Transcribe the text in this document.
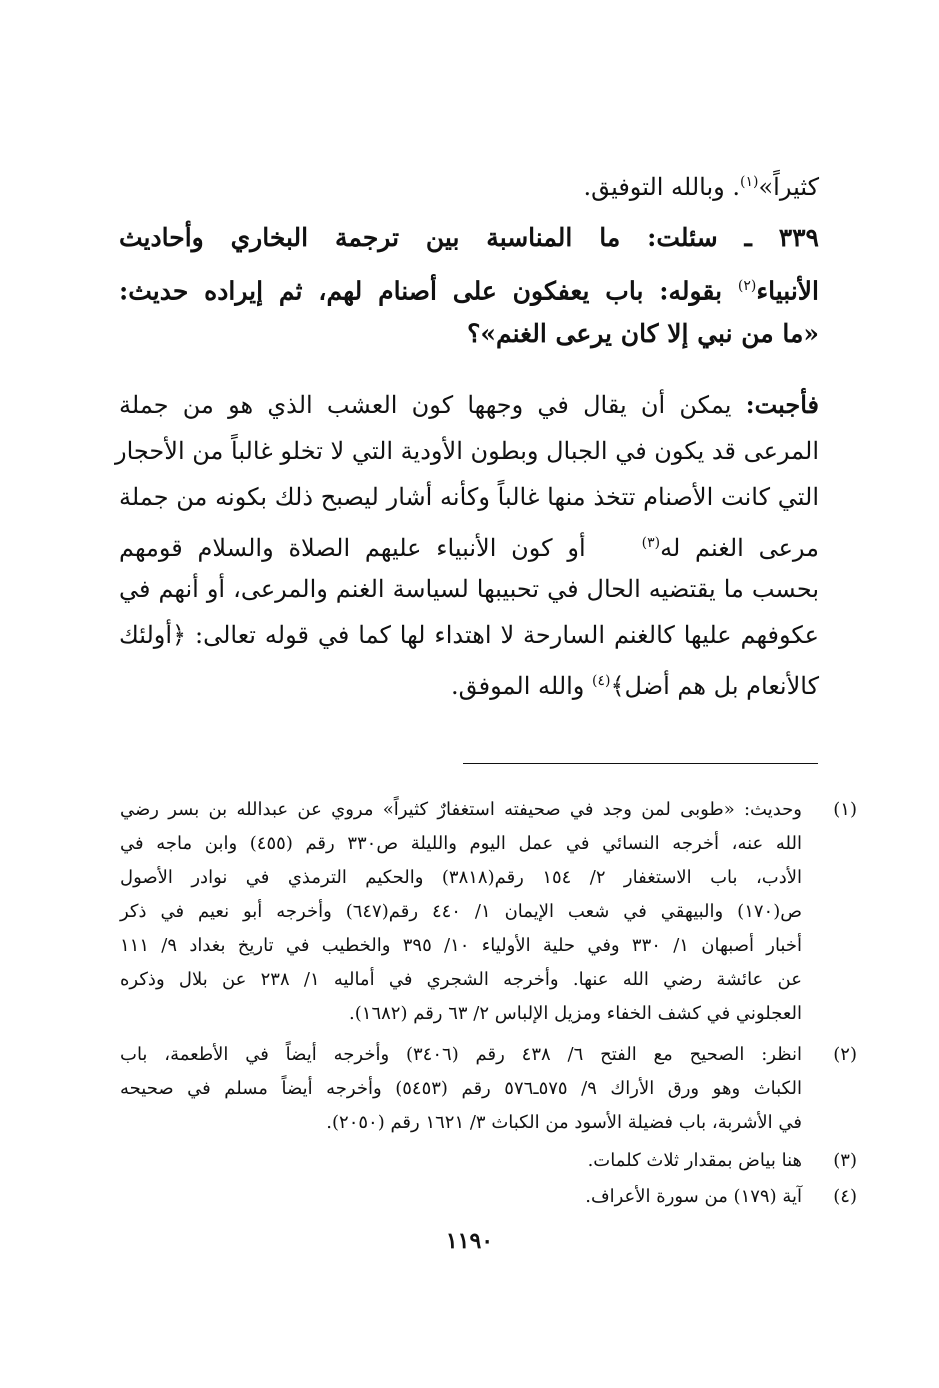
كثيراً»$^{(١)}$. وبالله التوفيق.
٣٣٩ ـ سئلت: ما المناسبة بين ترجمة البخاري وأحاديث
الأنبياء$^{(٢)}$ بقوله: باب يعفكون على أصنام لهم، ثم إيراده حديث:
«ما من نبي إلا كان يرعى الغنم»؟
فأجبت: يمكن أن يقال في وجهها كون العشب الذي هو من جملة
المرعى قد يكون في الجبال وبطون الأودية التي لا تخلو غالباً من الأحجار
التي كانت الأصنام تتخذ منها غالباً وكأنه أشار ليصبح ذلك بكونه من جملة
مرعى الغنم له$^{(٣)}$أو كون الأنبياء عليهم الصلاة والسلام قومهم
بحسب ما يقتضيه الحال في تحبيبها لسياسة الغنم والمرعى، أو أنهم في
عكوفهم عليها كالغنم السارحة لا اهتداء لها كما في قوله تعالى: ﴿أولئك
كالأنعام بل هم أضل﴾$^{(٤)}$ والله الموفق.
(١)
وحديث: «طوبى لمن وجد في صحيفته استغفارٌ كثيراً» مروي عن عبدالله بن بسر رضي
الله عنه، أخرجه النسائي في عمل اليوم والليلة ص٣٣٠ رقم (٤٥٥) وابن ماجه في
الأدب، باب الاستغفار ٢/ ١٥٤ رقم(٣٨١٨) والحكيم الترمذي في نوادر الأصول
ص(١٧٠) والبيهقي في شعب الإيمان ١/ ٤٤٠ رقم(٦٤٧) وأخرجه أبو نعيم في ذكر
أخبار أصبهان ١/ ٣٣٠ وفي حلية الأولياء ١٠/ ٣٩٥ والخطيب في تاريخ بغداد ٩/ ١١١
عن عائشة رضي الله عنها. وأخرجه الشجري في أماليه ١/ ٢٣٨ عن بلال وذكره
العجلوني في كشف الخفاء ومزيل الإلباس ٢/ ٦٣ رقم (١٦٨٢).
(٢)
انظر: الصحيح مع الفتح ٦/ ٤٣٨ رقم (٣٤٠٦) وأخرجه أيضاً في الأطعمة، باب
الكباث وهو ورق الأراك ٩/ ٥٧٥ـ٥٧٦ رقم (٥٤٥٣) وأخرجه أيضاً مسلم في صحيحه
في الأشربة، باب فضيلة الأسود من الكباث ٣/ ١٦٢١ رقم (٢٠٥٠).
(٣)
هنا بياض بمقدار ثلاث كلمات.
(٤)
آية (١٧٩) من سورة الأعراف.
١١٩٠
